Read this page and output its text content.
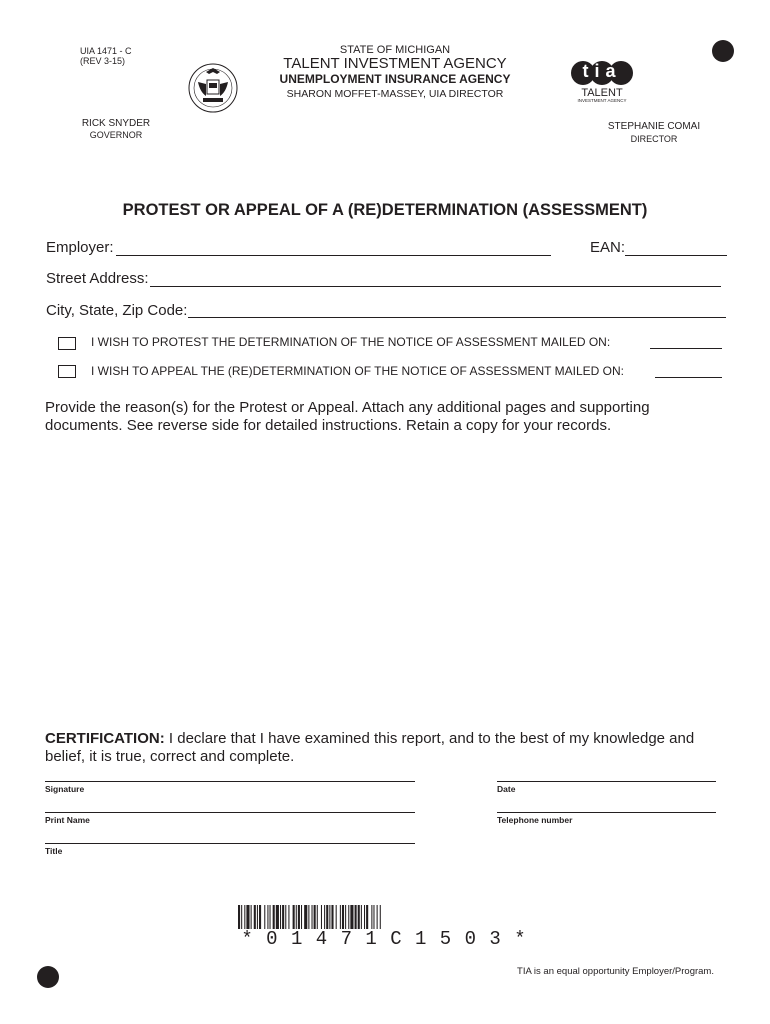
UIA 1471 - C
(REV 3-15)
STATE OF MICHIGAN
TALENT INVESTMENT AGENCY
UNEMPLOYMENT INSURANCE AGENCY
SHARON MOFFET-MASSEY, UIA DIRECTOR
tia
TALENT
INVESTMENT AGENCY
RICK SNYDER
GOVERNOR
STEPHANIE COMAI
DIRECTOR
PROTEST OR APPEAL OF A (RE)DETERMINATION (ASSESSMENT)
Employer:	EAN:
Street Address:
City, State, Zip Code:
I WISH TO PROTEST THE DETERMINATION OF THE NOTICE OF ASSESSMENT MAILED ON:
I WISH TO APPEAL THE (RE)DETERMINATION OF THE NOTICE OF ASSESSMENT MAILED ON:
Provide the reason(s) for the Protest or Appeal. Attach any additional pages and supporting documents. See reverse side for detailed instructions. Retain a copy for your records.
CERTIFICATION: I declare that I have examined this report, and to the best of my knowledge and belief, it is true, correct and complete.
Signature	Date
Print Name	Telephone number
Title
* 0 1 4 7 1 C 1 5 0 3 *
TIA is an equal opportunity Employer/Program.
